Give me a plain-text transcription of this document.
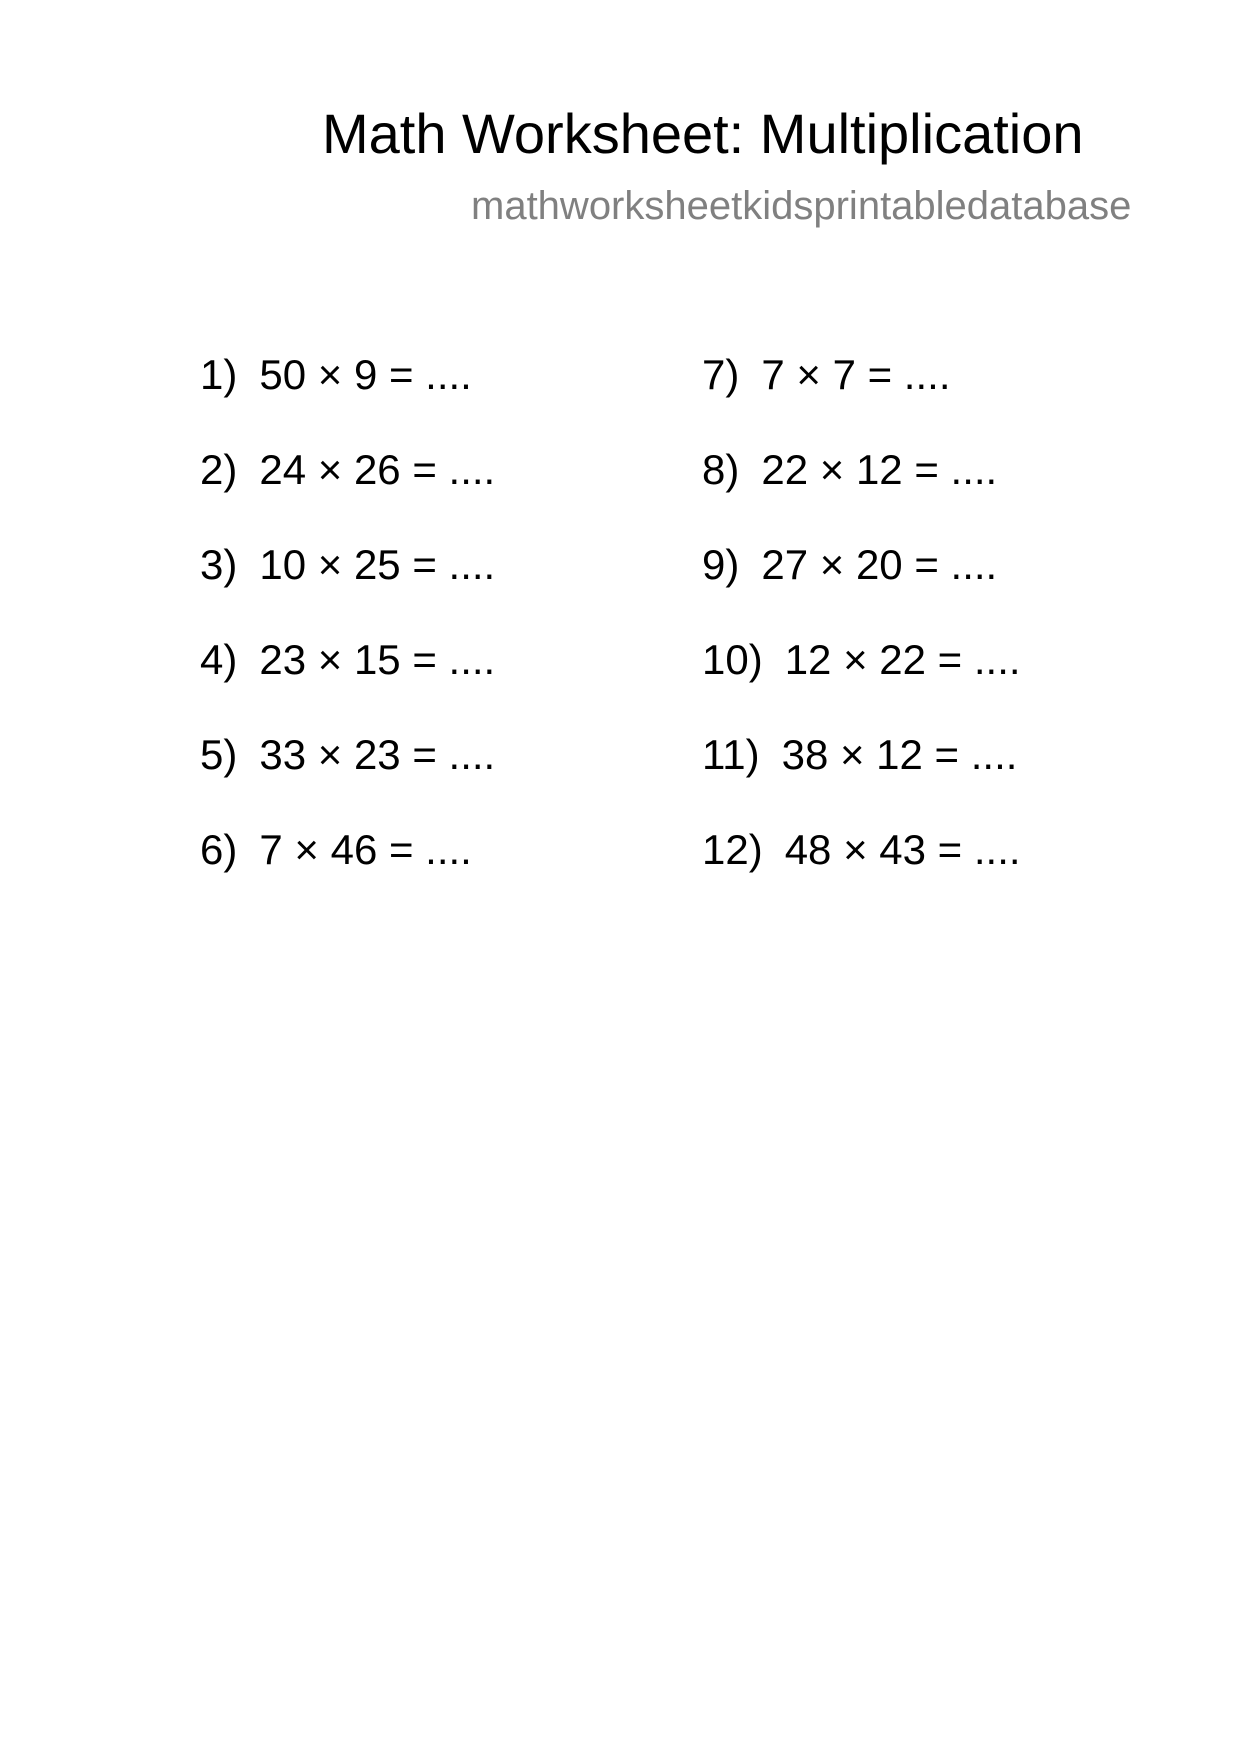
Math Worksheet: Multiplication
mathworksheetkidsprintabledatabase
1) 50 × 9 = ....
2) 24 × 26 = ....
3) 10 × 25 = ....
4) 23 × 15 = ....
5) 33 × 23 = ....
6) 7 × 46 = ....
7) 7 × 7 = ....
8) 22 × 12 = ....
9) 27 × 20 = ....
10) 12 × 22 = ....
11) 38 × 12 = ....
12) 48 × 43 = ....
